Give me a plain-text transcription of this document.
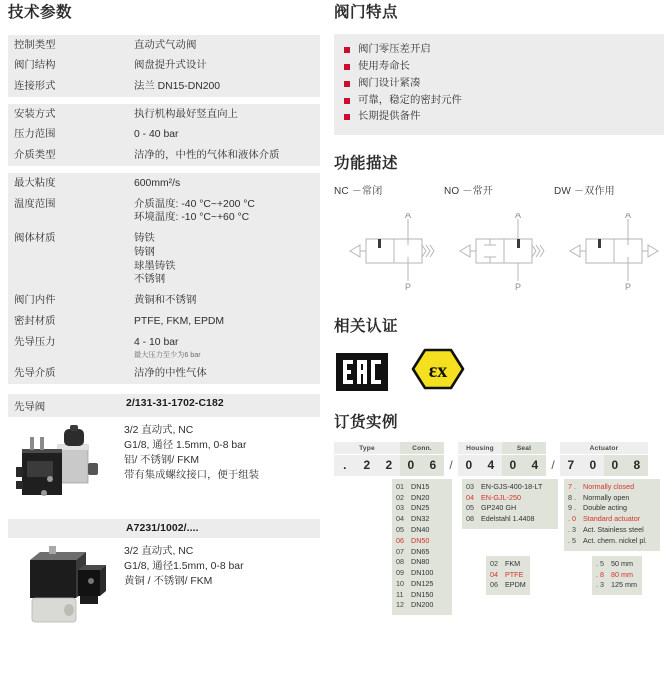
技术参数
控制类型	直动式气动阀

阀门结构	阀盘提升式设计

连接形式	法兰 DN15-DN200

安装方式	执行机构最好竖直向上

压力范围	0 - 40 bar

介质类型	洁净的，中性的气体和液体介质

最大粘度	600mm²/s

温度范围	介质温度: -40 °C~+200 °C
环境温度: -10 °C~+60 °C

阀体材质	铸铁
铸钢
球墨铸铁
不锈钢

阀门内件	黄铜和不锈钢

密封材质	PTFE, FKM, EPDM

先导压力	4 - 10 bar
最大压力至少为6 bar

先导介质	洁净的中性气体
先导阀	2/131-31-1702-C182
3/2 直动式, NC
G1/8, 通径 1.5mm, 0-8 bar
铝/ 不锈钢/ FKM
带有集成螺纹接口，便于组装
A7231/1002/....
3/2 直动式, NC
G1/8, 通径1.5mm, 0-8 bar
黄铜 / 不锈钢/ FKM
阀门特点
阀门零压差开启
使用寿命长
阀门设计紧凑
可靠，稳定的密封元件
长期提供备件
功能描述
NC －常闭
A
P
NO －常开
A
P
DW －双作用
A
P
相关认证
εx
订货实例
Type	Conn.	Housing	Seal	Actuator
.	2	2	0	6	/	0	4	0	4	/	7	0	0	8
01 DN15
02 DN20
03 DN25
04 DN32
05 DN40
06 DN50
07 DN65
08 DN80
09 DN100
10 DN125
11	DN150
12 DN200
03 EN-GJS-400-18-LT
04 EN-GJL-250
05 GP240 GH
08 Edelstahl 1.4408
02 FKM
04 PTFE
06 EPDM
7 . Normally closed
8 . Normally open
9 . Double acting
. 0 Standard actuator
. 3 Act. Stainless steel
. 5 Act. chem. nickel pl.
. 5 50 mm
. 8 80 mm
. 3 125 mm
